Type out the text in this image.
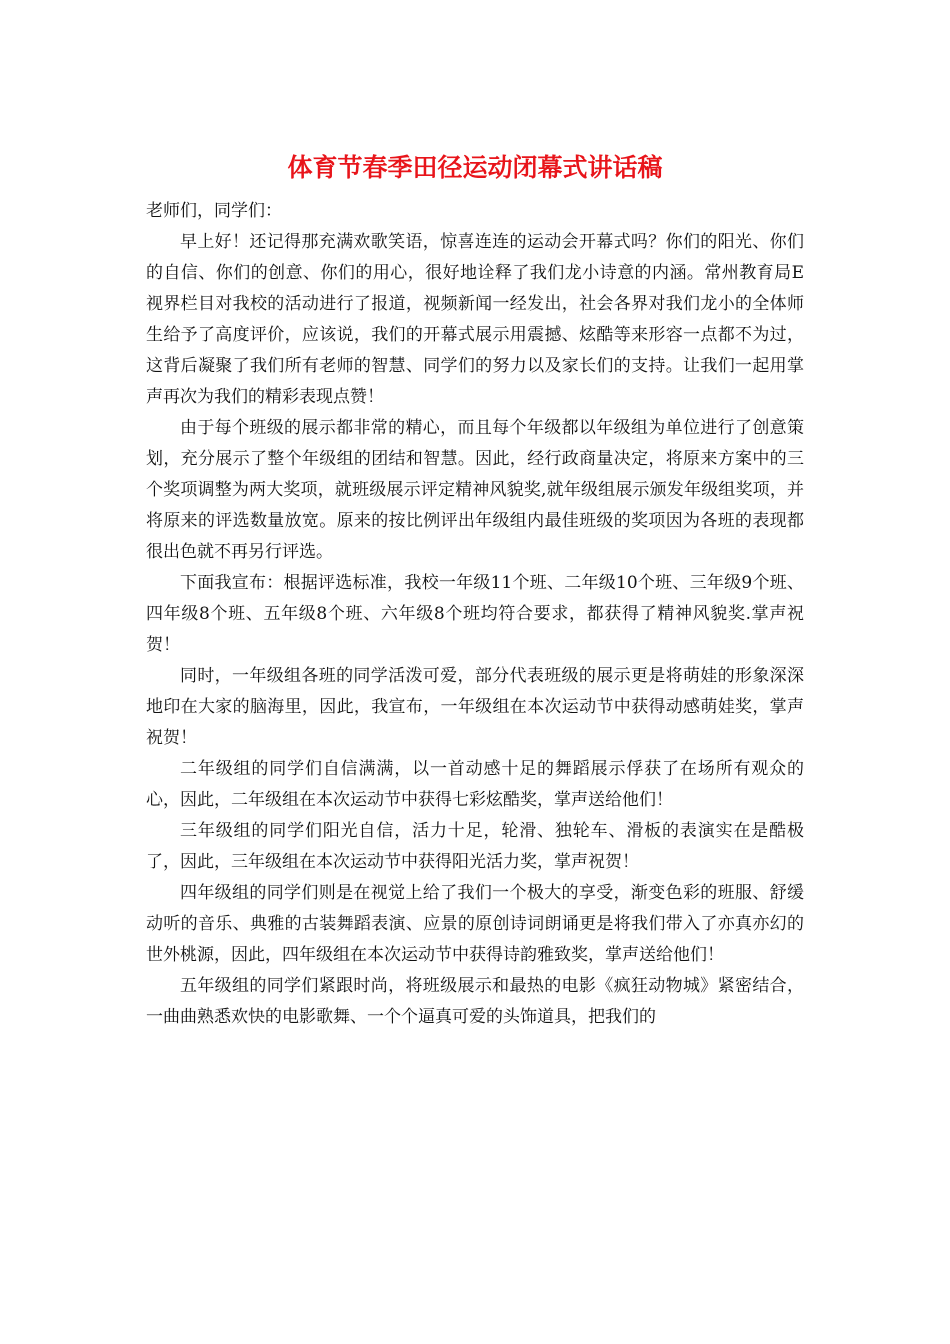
体育节春季田径运动闭幕式讲话稿

老师们，同学们：

早上好！还记得那充满欢歌笑语，惊喜连连的运动会开幕式吗？你们的阳光、你们的自信、你们的创意、你们的用心，很好地诠释了我们龙小诗意的内涵。常州教育局E视界栏目对我校的活动进行了报道，视频新闻一经发出，社会各界对我们龙小的全体师生给予了高度评价，应该说，我们的开幕式展示用震撼、炫酷等来形容一点都不为过，这背后凝聚了我们所有老师的智慧、同学们的努力以及家长们的支持。让我们一起用掌声再次为我们的精彩表现点赞！

由于每个班级的展示都非常的精心，而且每个年级都以年级组为单位进行了创意策划，充分展示了整个年级组的团结和智慧。因此，经行政商量决定，将原来方案中的三个奖项调整为两大奖项，就班级展示评定精神风貌奖,就年级组展示颁发年级组奖项，并将原来的评选数量放宽。原来的按比例评出年级组内最佳班级的奖项因为各班的表现都很出色就不再另行评选。

下面我宣布：根据评选标准，我校一年级11个班、二年级10个班、三年级9个班、四年级8个班、五年级8个班、六年级8个班均符合要求，都获得了精神风貌奖.掌声祝贺！

同时，一年级组各班的同学活泼可爱，部分代表班级的展示更是将萌娃的形象深深地印在大家的脑海里，因此，我宣布，一年级组在本次运动节中获得动感萌娃奖，掌声祝贺！

二年级组的同学们自信满满，以一首动感十足的舞蹈展示俘获了在场所有观众的心，因此，二年级组在本次运动节中获得七彩炫酷奖，掌声送给他们！

三年级组的同学们阳光自信，活力十足，轮滑、独轮车、滑板的表演实在是酷极了，因此，三年级组在本次运动节中获得阳光活力奖，掌声祝贺！

四年级组的同学们则是在视觉上给了我们一个极大的享受，渐变色彩的班服、舒缓动听的音乐、典雅的古装舞蹈表演、应景的原创诗词朗诵更是将我们带入了亦真亦幻的世外桃源，因此，四年级组在本次运动节中获得诗韵雅致奖，掌声送给他们！

五年级组的同学们紧跟时尚，将班级展示和最热的电影《疯狂动物城》紧密结合，一曲曲熟悉欢快的电影歌舞、一个个逼真可爱的头饰道具，把我们的
